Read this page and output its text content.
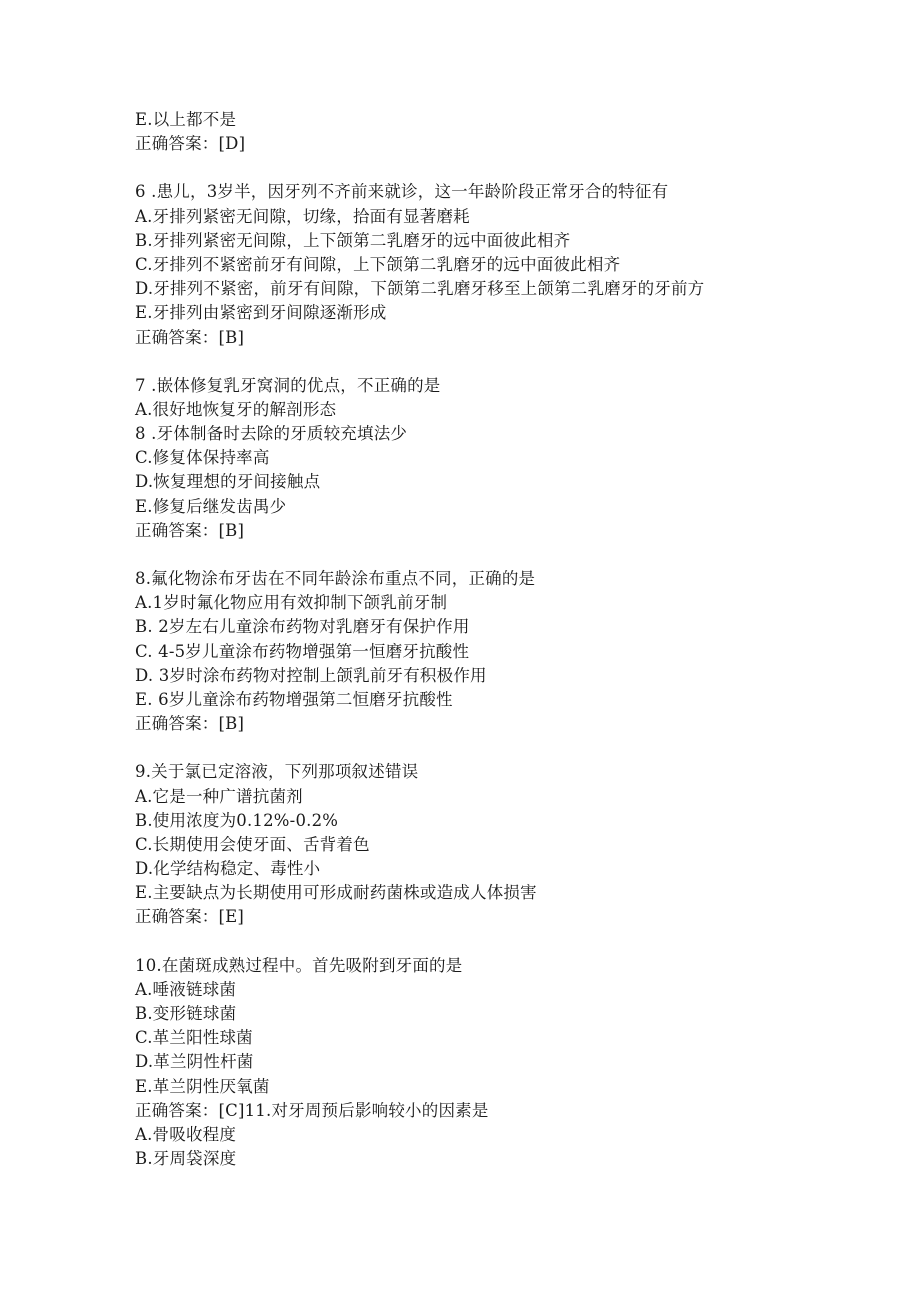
E.以上都不是
正确答案：[D]
6 .患儿，3岁半，因牙列不齐前来就诊，这一年龄阶段正常牙合的特征有
A.牙排列紧密无间隙，切缘，拾面有显著磨耗
B.牙排列紧密无间隙，上下颌第二乳磨牙的远中面彼此相齐
C.牙排列不紧密前牙有间隙，上下颌第二乳磨牙的远中面彼此相齐
D.牙排列不紧密，前牙有间隙，下颌第二乳磨牙移至上颌第二乳磨牙的牙前方
E.牙排列由紧密到牙间隙逐渐形成
正确答案：[B]
7 .嵌体修复乳牙窝洞的优点，不正确的是
A.很好地恢复牙的解剖形态
8 .牙体制备时去除的牙质较充填法少
C.修复体保持率高
D.恢复理想的牙间接触点
E.修复后继发齿禺少
正确答案：[B]
8.氟化物涂布牙齿在不同年龄涂布重点不同，正确的是
A.1岁时氟化物应用有效抑制下颌乳前牙制
B. 2岁左右儿童涂布药物对乳磨牙有保护作用
C. 4-5岁儿童涂布药物增强第一恒磨牙抗酸性
D. 3岁时涂布药物对控制上颌乳前牙有积极作用
E. 6岁儿童涂布药物增强第二恒磨牙抗酸性
正确答案：[B]
9.关于氯已定溶液，下列那项叙述错误
A.它是一种广谱抗菌剂
B.使用浓度为0.12%-0.2%
C.长期使用会使牙面、舌背着色
D.化学结构稳定、毒性小
E.主要缺点为长期使用可形成耐药菌株或造成人体损害
正确答案：[E]
10.在菌斑成熟过程中。首先吸附到牙面的是
A.唾液链球菌
B.变形链球菌
C.革兰阳性球菌
D.革兰阴性杆菌
E.革兰阴性厌氧菌
正确答案：[C]11.对牙周预后影响较小的因素是
A.骨吸收程度
B.牙周袋深度
